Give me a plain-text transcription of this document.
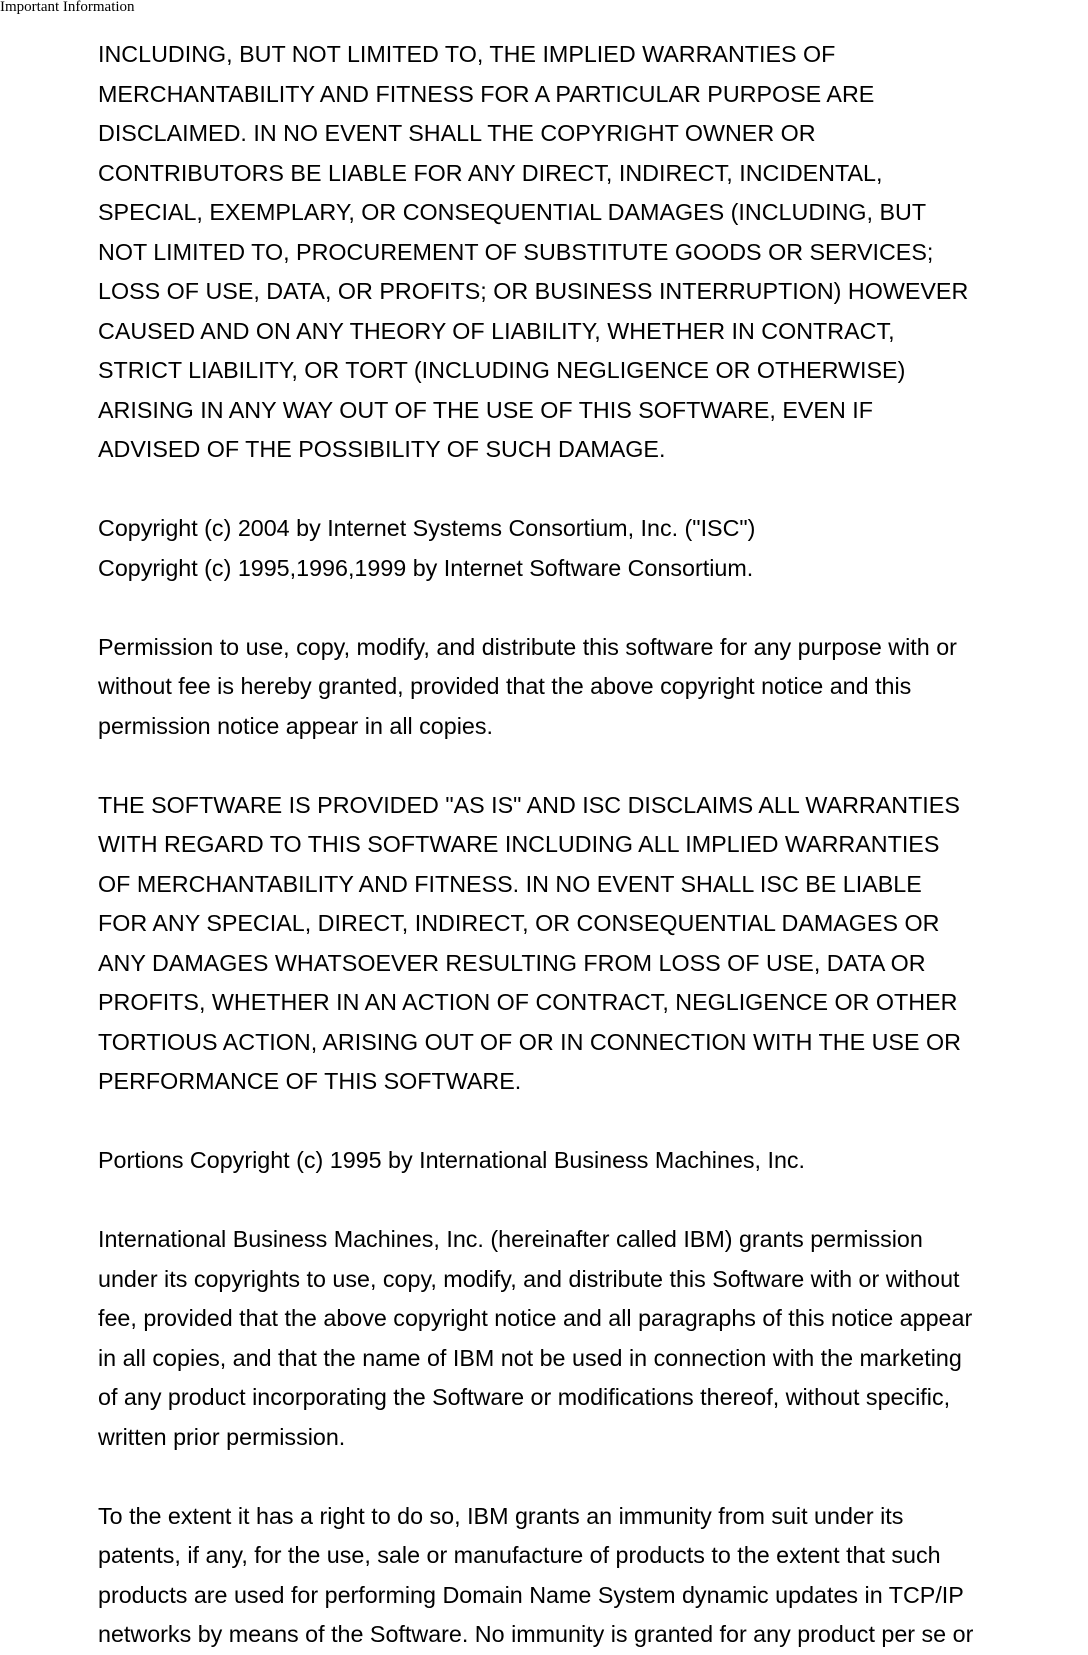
Important Information
INCLUDING, BUT NOT LIMITED TO, THE IMPLIED WARRANTIES OF
MERCHANTABILITY AND FITNESS FOR A PARTICULAR PURPOSE ARE
DISCLAIMED. IN NO EVENT SHALL THE COPYRIGHT OWNER OR
CONTRIBUTORS BE LIABLE FOR ANY DIRECT, INDIRECT, INCIDENTAL,
SPECIAL, EXEMPLARY, OR CONSEQUENTIAL DAMAGES (INCLUDING, BUT
NOT LIMITED TO, PROCUREMENT OF SUBSTITUTE GOODS OR SERVICES;
LOSS OF USE, DATA, OR PROFITS; OR BUSINESS INTERRUPTION) HOWEVER
CAUSED AND ON ANY THEORY OF LIABILITY, WHETHER IN CONTRACT,
STRICT LIABILITY, OR TORT (INCLUDING NEGLIGENCE OR OTHERWISE)
ARISING IN ANY WAY OUT OF THE USE OF THIS SOFTWARE, EVEN IF
ADVISED OF THE POSSIBILITY OF SUCH DAMAGE.
Copyright (c) 2004 by Internet Systems Consortium, Inc. ("ISC")
Copyright (c) 1995,1996,1999 by Internet Software Consortium.
Permission to use, copy, modify, and distribute this software for any purpose with or
without fee is hereby granted, provided that the above copyright notice and this
permission notice appear in all copies.
THE SOFTWARE IS PROVIDED "AS IS" AND ISC DISCLAIMS ALL WARRANTIES
WITH REGARD TO THIS SOFTWARE INCLUDING ALL IMPLIED WARRANTIES
OF MERCHANTABILITY AND FITNESS. IN NO EVENT SHALL ISC BE LIABLE
FOR ANY SPECIAL, DIRECT, INDIRECT, OR CONSEQUENTIAL DAMAGES OR
ANY DAMAGES WHATSOEVER RESULTING FROM LOSS OF USE, DATA OR
PROFITS, WHETHER IN AN ACTION OF CONTRACT, NEGLIGENCE OR OTHER
TORTIOUS ACTION, ARISING OUT OF OR IN CONNECTION WITH THE USE OR
PERFORMANCE OF THIS SOFTWARE.
Portions Copyright (c) 1995 by International Business Machines, Inc.
International Business Machines, Inc. (hereinafter called IBM) grants permission
under its copyrights to use, copy, modify, and distribute this Software with or without
fee, provided that the above copyright notice and all paragraphs of this notice appear
in all copies, and that the name of IBM not be used in connection with the marketing
of any product incorporating the Software or modifications thereof, without specific,
written prior permission.
To the extent it has a right to do so, IBM grants an immunity from suit under its
patents, if any, for the use, sale or manufacture of products to the extent that such
products are used for performing Domain Name System dynamic updates in TCP/IP
networks by means of the Software. No immunity is granted for any product per se or
